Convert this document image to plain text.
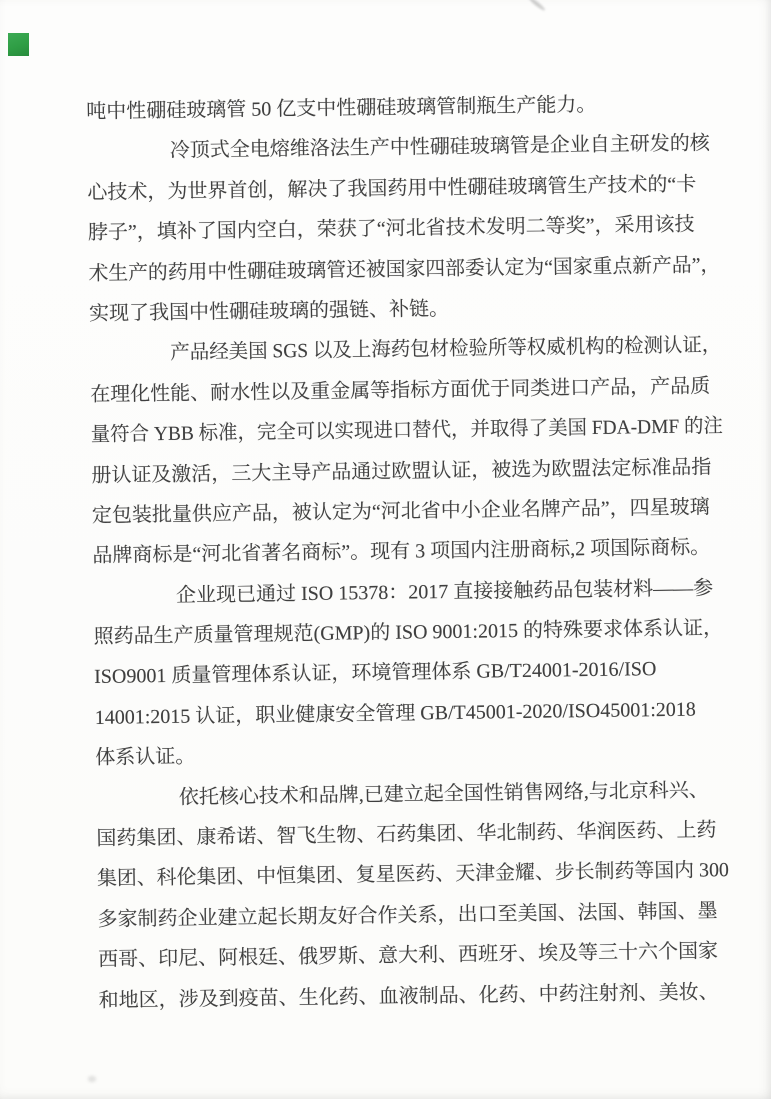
吨中性硼硅玻璃管 50 亿支中性硼硅玻璃管制瓶生产能力。
冷顶式全电熔维洛法生产中性硼硅玻璃管是企业自主研发的核
心技术，为世界首创，解决了我国药用中性硼硅玻璃管生产技术的“卡
脖子”，填补了国内空白，荣获了“河北省技术发明二等奖”，采用该技
术生产的药用中性硼硅玻璃管还被国家四部委认定为“国家重点新产品”，
实现了我国中性硼硅玻璃的强链、补链。
产品经美国 SGS 以及上海药包材检验所等权威机构的检测认证，
在理化性能、耐水性以及重金属等指标方面优于同类进口产品，产品质
量符合 YBB 标准，完全可以实现进口替代，并取得了美国 FDA-DMF 的注
册认证及激活，三大主导产品通过欧盟认证，被选为欧盟法定标准品指
定包装批量供应产品，被认定为“河北省中小企业名牌产品”，四星玻璃
品牌商标是“河北省著名商标”。现有 3 项国内注册商标,2 项国际商标。
企业现已通过 ISO 15378：2017 直接接触药品包装材料——参
照药品生产质量管理规范(GMP)的 ISO 9001:2015 的特殊要求体系认证，
ISO9001 质量管理体系认证，环境管理体系 GB/T24001-2016/ISO
14001:2015 认证，职业健康安全管理 GB/T45001-2020/ISO45001:2018
体系认证。
依托核心技术和品牌,已建立起全国性销售网络,与北京科兴、
国药集团、康希诺、智飞生物、石药集团、华北制药、华润医药、上药
集团、科伦集团、中恒集团、复星医药、天津金耀、步长制药等国内 300
多家制药企业建立起长期友好合作关系，出口至美国、法国、韩国、墨
西哥、印尼、阿根廷、俄罗斯、意大利、西班牙、埃及等三十六个国家
和地区，涉及到疫苗、生化药、血液制品、化药、中药注射剂、美妆、
